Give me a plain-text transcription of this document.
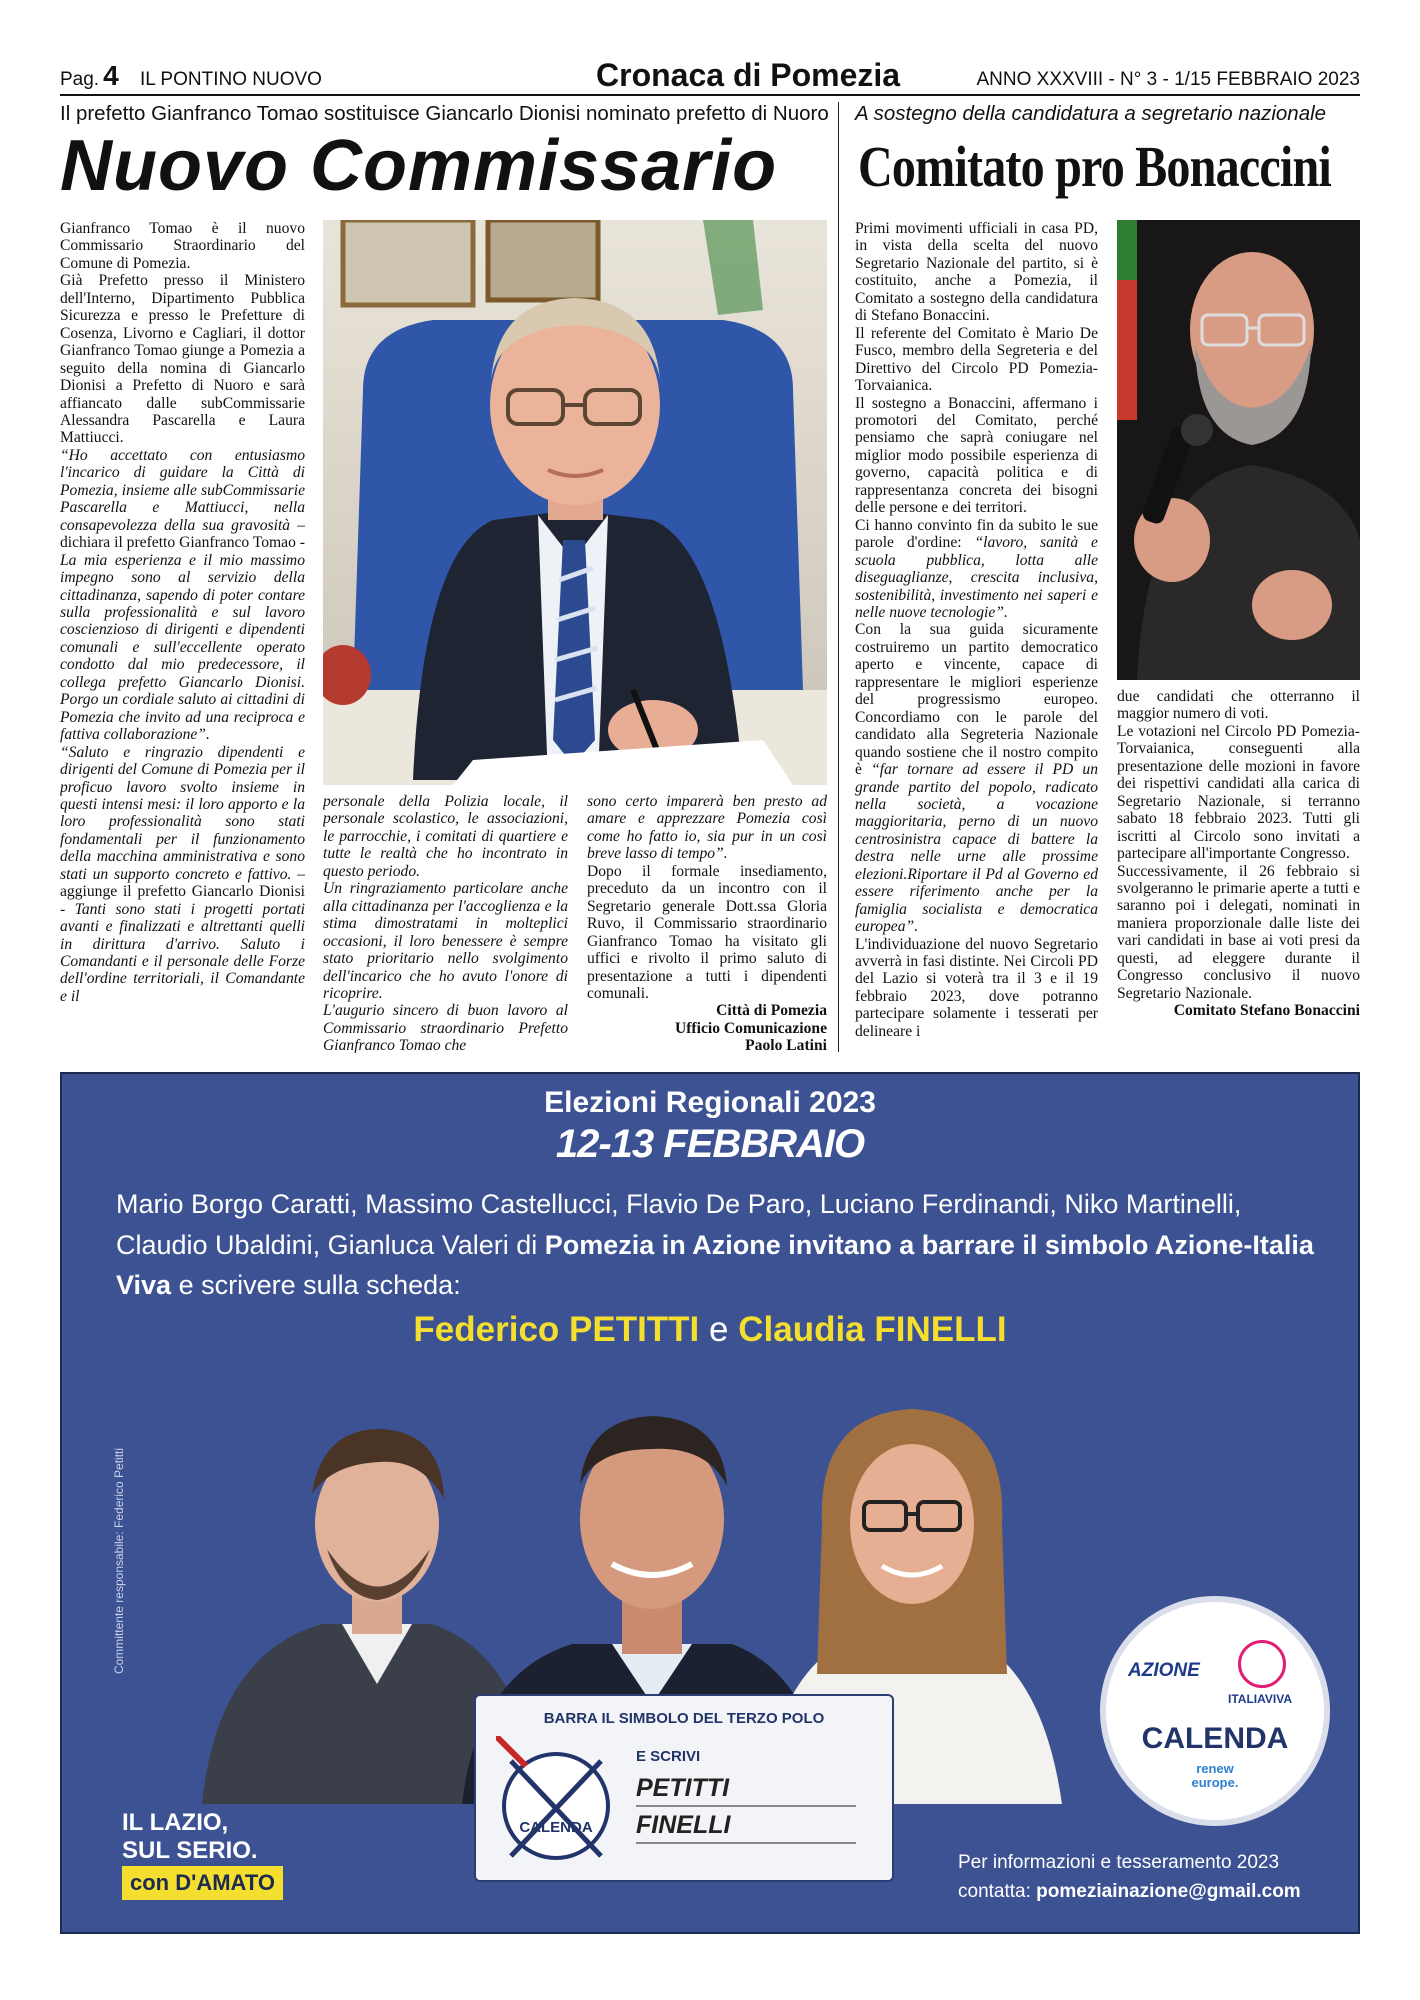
Pag. 4 IL PONTINO NUOVO	Cronaca di Pomezia	ANNO XXXVIII - N° 3 - 1/15 FEBBRAIO 2023
Il prefetto Gianfranco Tomao sostituisce Giancarlo Dionisi nominato prefetto di Nuoro
Nuovo Commissario

Gianfranco Tomao è il nuovo Commissario Straordinario del Comune di Pomezia.

Già Prefetto presso il Ministero dell'Interno, Dipartimento Pubblica Sicurezza e presso le Prefetture di Cosenza, Livorno e Cagliari, il dottor Gianfranco Tomao giunge a Pomezia a seguito della nomina di Giancarlo Dionisi a Prefetto di Nuoro e sarà affiancato dalle subCommissarie Alessandra Pascarella e Laura Mattiucci.

“Ho accettato con entusiasmo l'incarico di guidare la Città di Pomezia, insieme alle subCommissarie Pascarella e Mattiucci, nella consapevolezza della sua gravosità – dichiara il prefetto Gianfranco Tomao - La mia esperienza e il mio massimo impegno sono al servizio della cittadinanza, sapendo di poter contare sulla professionalità e sul lavoro coscienzioso di dirigenti e dipendenti comunali e sull'eccellente operato condotto dal mio predecessore, il collega prefetto Giancarlo Dionisi. Porgo un cordiale saluto ai cittadini di Pomezia che invito ad una reciproca e fattiva collaborazione”.

“Saluto e ringrazio dipendenti e dirigenti del Comune di Pomezia per il proficuo lavoro svolto insieme in questi intensi mesi: il loro apporto e la loro professionalità sono stati fondamentali per il funzionamento della macchina amministrativa e sono stati un supporto concreto e fattivo. – aggiunge il prefetto Giancarlo Dionisi - Tanti sono stati i progetti portati avanti e finalizzati e altrettanti quelli in dirittura d'arrivo. Saluto i Comandanti e il personale delle Forze dell'ordine territoriali, il Comandante e il

personale della Polizia locale, il personale scolastico, le associazioni, le parrocchie, i comitati di quartiere e tutte le realtà che ho incontrato in questo periodo.

Un ringraziamento particolare anche alla cittadinanza per l'accoglienza e la stima dimostratami in molteplici occasioni, il loro benessere è sempre stato prioritario nello svolgimento dell'incarico che ho avuto l'onore di ricoprire.

L'augurio sincero di buon lavoro al Commissario straordinario Prefetto Gianfranco Tomao che

sono certo imparerà ben presto ad amare e apprezzare Pomezia così come ho fatto io, sia pur in un così breve lasso di tempo”.

Dopo il formale insediamento, preceduto da un incontro con il Segretario generale Dott.ssa Gloria Ruvo, il Commissario straordinario Gianfranco Tomao ha visitato gli uffici e rivolto il primo saluto di presentazione a tutti i dipendenti comunali.

Città di Pomezia

Ufficio Comunicazione

Paolo Latini

A sostegno della candidatura a segretario nazionale
Comitato pro Bonaccini

Primi movimenti ufficiali in casa PD, in vista della scelta del nuovo Segretario Nazionale del partito, si è costituito, anche a Pomezia, il Comitato a sostegno della candidatura di Stefano Bonaccini.

Il referente del Comitato è Mario De Fusco, membro della Segreteria e del Direttivo del Circolo PD Pomezia-Torvaianica.

Il sostegno a Bonaccini, affermano i promotori del Comitato, perché pensiamo che saprà coniugare nel miglior modo possibile esperienza di governo, capacità politica e di rappresentanza concreta dei bisogni delle persone e dei territori.

Ci hanno convinto fin da subito le sue parole d'ordine: “lavoro, sanità e scuola pubblica, lotta alle diseguaglianze, crescita inclusiva, sostenibilità, investimento nei saperi e nelle nuove tecnologie”.

Con la sua guida sicuramente costruiremo un partito democratico aperto e vincente, capace di rappresentare le migliori esperienze del progressismo europeo. Concordiamo con le parole del candidato alla Segreteria Nazionale quando sostiene che il nostro compito è “far tornare ad essere il PD un grande partito del popolo, radicato nella società, a vocazione maggioritaria, perno di un nuovo centrosinistra capace di battere la destra nelle urne alle prossime elezioni.Riportare il Pd al Governo ed essere riferimento anche per la famiglia socialista e democratica europea”.

L'individuazione del nuovo Segretario avverrà in fasi distinte. Nei Circoli PD del Lazio si voterà tra il 3 e il 19 febbraio 2023, dove potranno partecipare solamente i tesserati per delineare i

due candidati che otterranno il maggior numero di voti.

Le votazioni nel Circolo PD Pomezia-Torvaianica, conseguenti alla presentazione delle mozioni in favore dei rispettivi candidati alla carica di Segretario Nazionale, si terranno sabato 18 febbraio 2023. Tutti gli iscritti al Circolo sono invitati a partecipare all'importante Congresso.

Successivamente, il 26 febbraio si svolgeranno le primarie aperte a tutti e saranno poi i delegati, nominati in maniera proporzionale dalle liste dei vari candidati in base ai voti presi da questi, ad eleggere durante il Congresso conclusivo il nuovo Segretario Nazionale.

Comitato Stefano Bonaccini

Elezioni Regionali 2023
12-13 FEBBRAIO
Mario Borgo Caratti, Massimo Castellucci, Flavio De Paro, Luciano Ferdinandi, Niko Martinelli, Claudio Ubaldini, Gianluca Valeri di Pomezia in Azione invitano a barrare il simbolo Azione-Italia Viva e scrivere sulla scheda:
Federico PETITTI e Claudia FINELLI
Committente responsabile: Federico Petitti
BARRA IL SIMBOLO DEL TERZO POLO
CALENDA
E SCRIVI
PETITTI
FINELLI
IL LAZIO,
SUL SERIO.
con D'AMATO
AZIONE
ITALIAVIVA
CALENDA
renew
europe.
Per informazioni e tesseramento 2023
contatta: pomeziainazione@gmail.com
